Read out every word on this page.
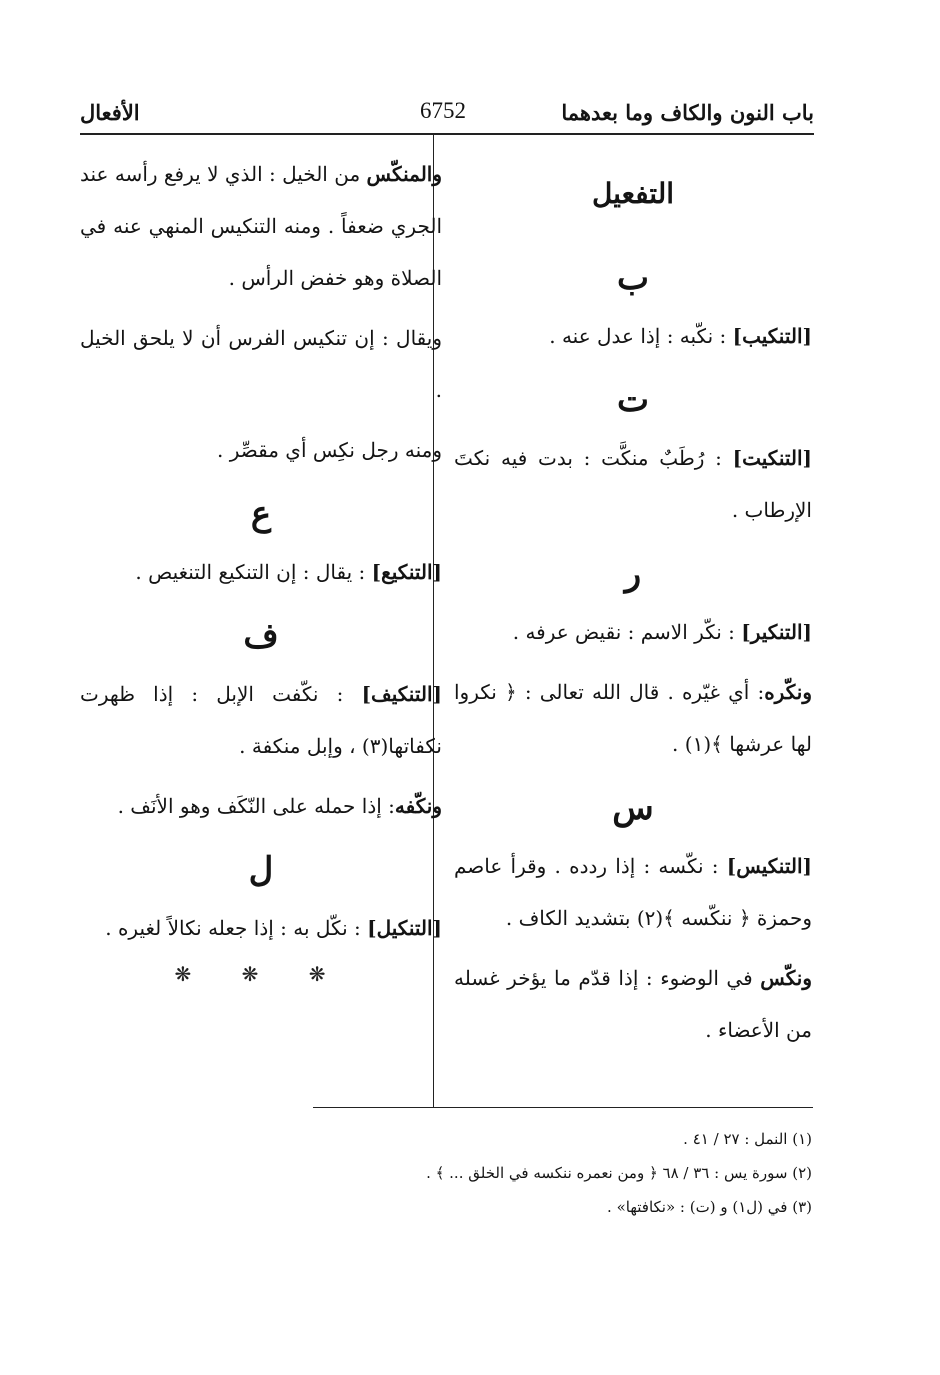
باب النون والكاف وما بعدهما
6752
الأفعال
التفعيل
ب

[التنكيب] : نكّبه : إذا عدل عنه .

ت

[التنكيت] : رُطَبٌ منكَّت : بدت فيه نكتَ الإرطاب .

ر

[التنكير] : نكّر الاسم : نقيض عرفه .

ونكّره: أي غيّره . قال الله تعالى : ﴿ نكروا لها عرشها ﴾(١) .

س

[التنكيس] : نكّسه : إذا ردده . وقرأ عاصم وحمزة ﴿ ننكّسه ﴾(٢) بتشديد الكاف .

ونكّس في الوضوء : إذا قدّم ما يؤخر غسله من الأعضاء .

والمنكّس من الخيل : الذي لا يرفع رأسه عند الجري ضعفاً . ومنه التنكيس المنهي عنه في الصلاة وهو خفض الرأس .

ويقال : إن تنكيس الفرس أن لا يلحق الخيل .

ومنه رجل نكِس أي مقصِّر .

ع

[التنكيع] : يقال : إن التنكيع التنغيص .

ف

[التنكيف] : نكّفت الإبل : إذا ظهرت نكفاتها(٣) ، وإبل منكفة .

ونكّفه: إذا حمله على النّكَف وهو الأنَف .

ل

[التنكيل] : نكّل به : إذا جعله نكالاً لغيره .

❋ ❋ ❋
(١) النمل : ٢٧ / ٤١ .
(٢) سورة يس : ٣٦ / ٦٨ ﴿ ومن نعمره ننكسه في الخلق ... ﴾ .
(٣) في (ل١) و (ت) : «نكافتها» .
